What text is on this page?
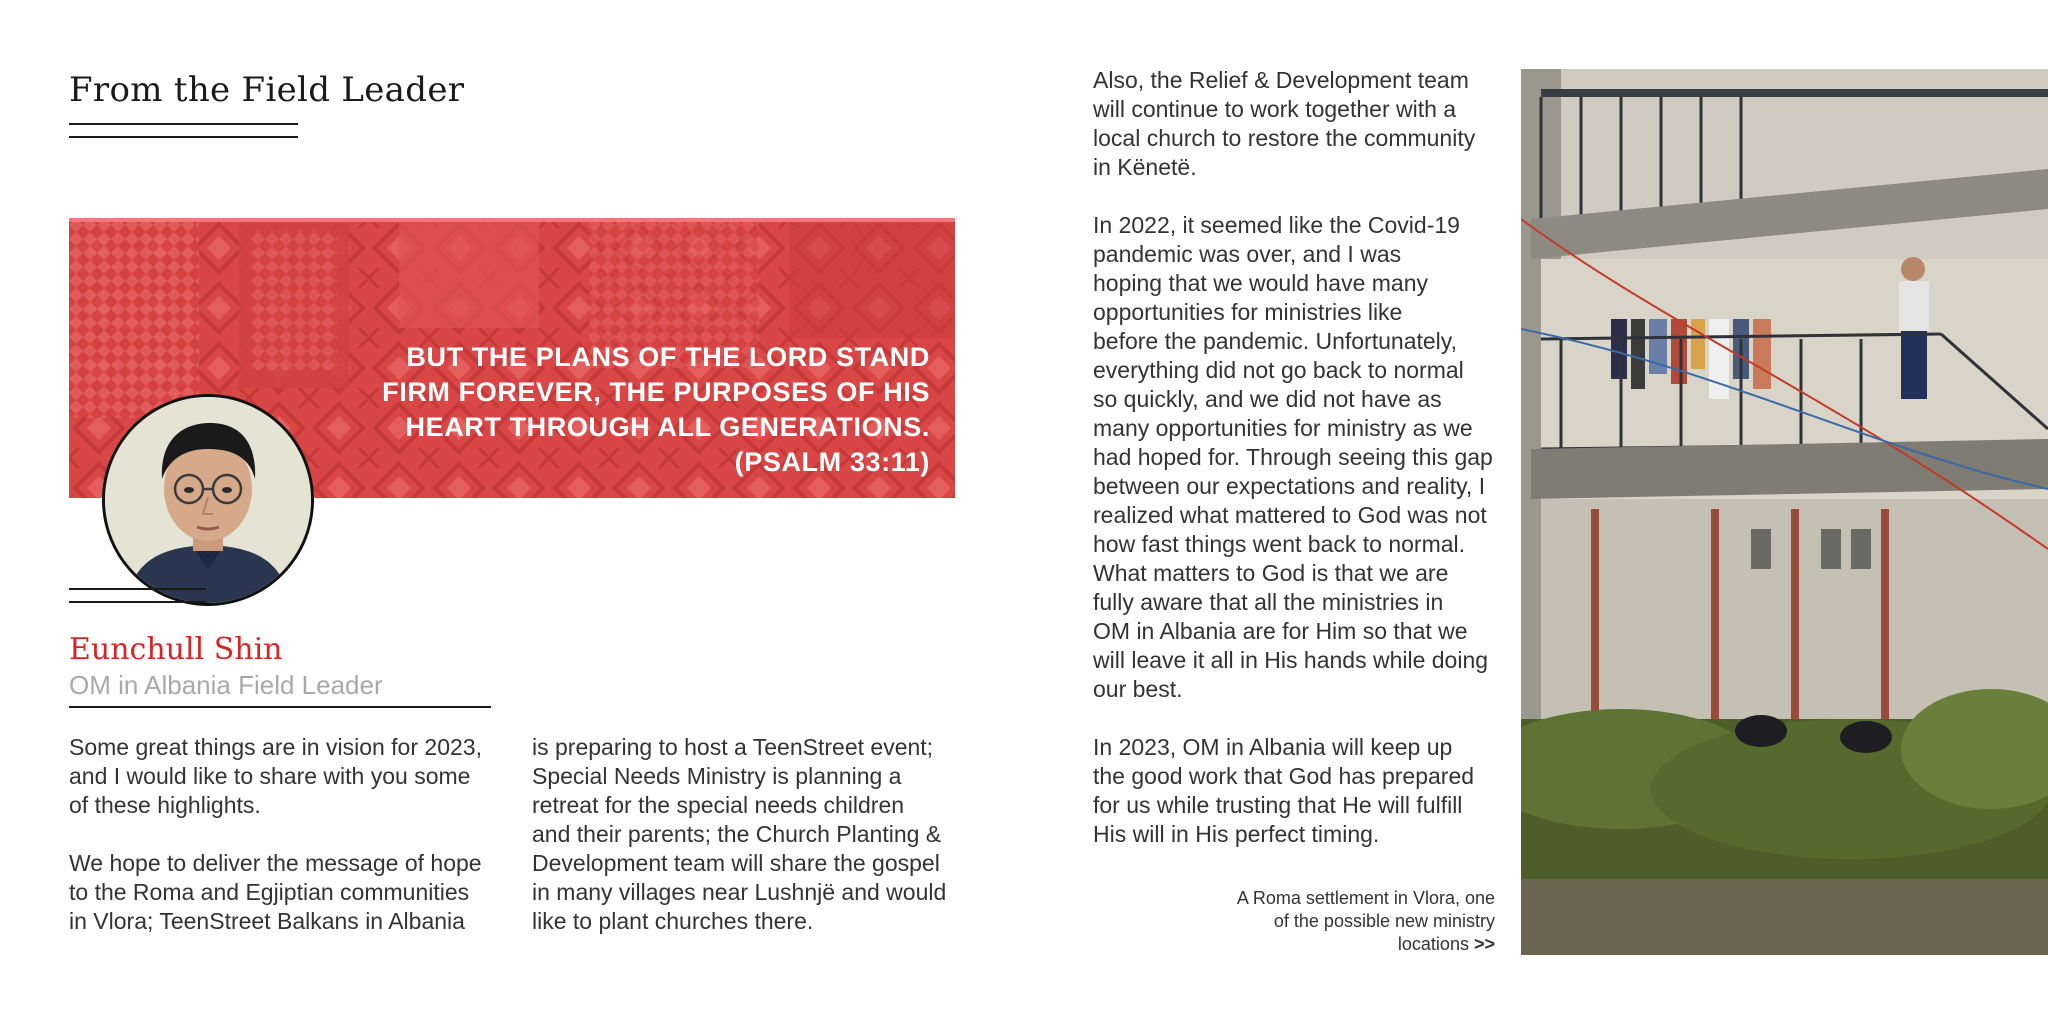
From the Field Leader
BUT THE PLANS OF THE LORD STAND
FIRM FOREVER, THE PURPOSES OF HIS
HEART THROUGH ALL GENERATIONS.
(PSALM 33:11)
Eunchull Shin
OM in Albania Field Leader

Some great things are in vision for 2023,
and I would like to share with you some
of these highlights.

We hope to deliver the message of hope
to the Roma and Egjiptian communities
in Vlora; TeenStreet Balkans in Albania

is preparing to host a TeenStreet event;
Special Needs Ministry is planning a
retreat for the special needs children
and their parents; the Church Planting &
Development team will share the gospel
in many villages near Lushnjë and would
like to plant churches there.

Also, the Relief & Development team
will continue to work together with a
local church to restore the community
in Kënetë.

In 2022, it seemed like the Covid-19
pandemic was over, and I was
hoping that we would have many
opportunities for ministries like
before the pandemic. Unfortunately,
everything did not go back to normal
so quickly, and we did not have as
many opportunities for ministry as we
had hoped for. Through seeing this gap
between our expectations and reality, I
realized what mattered to God was not
how fast things went back to normal.
What matters to God is that we are
fully aware that all the ministries in
OM in Albania are for Him so that we
will leave it all in His hands while doing
our best.

In 2023, OM in Albania will keep up
the good work that God has prepared
for us while trusting that He will fulfill
His will in His perfect timing.

A Roma settlement in Vlora, one
of the possible new ministry
locations >>
